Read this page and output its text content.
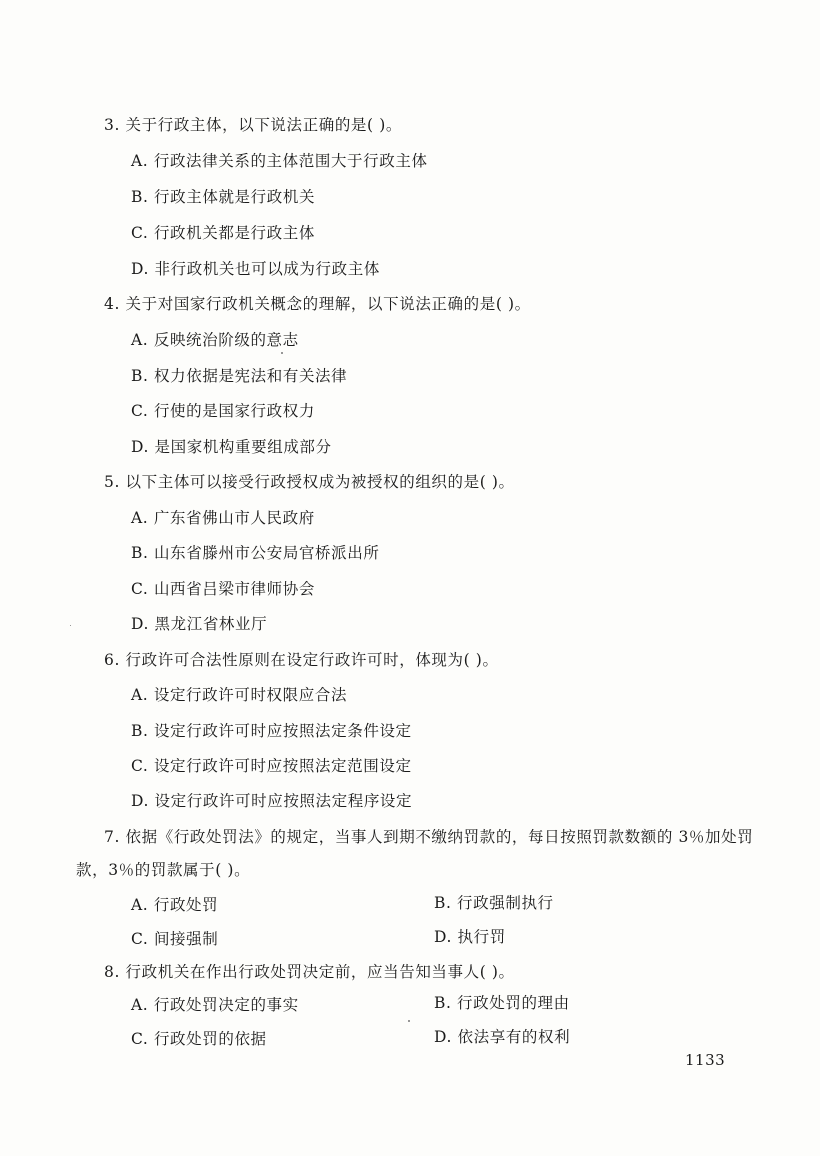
3. 关于行政主体，以下说法正确的是( )。
A. 行政法律关系的主体范围大于行政主体
B. 行政主体就是行政机关
C. 行政机关都是行政主体
D. 非行政机关也可以成为行政主体
4. 关于对国家行政机关概念的理解，以下说法正确的是( )。
A. 反映统治阶级的意志
B. 权力依据是宪法和有关法律
C. 行使的是国家行政权力
D. 是国家机构重要组成部分
5. 以下主体可以接受行政授权成为被授权的组织的是( )。
A. 广东省佛山市人民政府
B. 山东省滕州市公安局官桥派出所
C. 山西省吕梁市律师协会
D. 黑龙江省林业厅
6. 行政许可合法性原则在设定行政许可时，体现为( )。
A. 设定行政许可时权限应合法
B. 设定行政许可时应按照法定条件设定
C. 设定行政许可时应按照法定范围设定
D. 设定行政许可时应按照法定程序设定
7. 依据《行政处罚法》的规定，当事人到期不缴纳罚款的，每日按照罚款数额的 3％加处罚
款，3％的罚款属于( )。
A. 行政处罚	B. 行政强制执行
C. 间接强制	D. 执行罚
8. 行政机关在作出行政处罚决定前，应当告知当事人( )。
A. 行政处罚决定的事实	B. 行政处罚的理由
C. 行政处罚的依据	D. 依法享有的权利
1133
